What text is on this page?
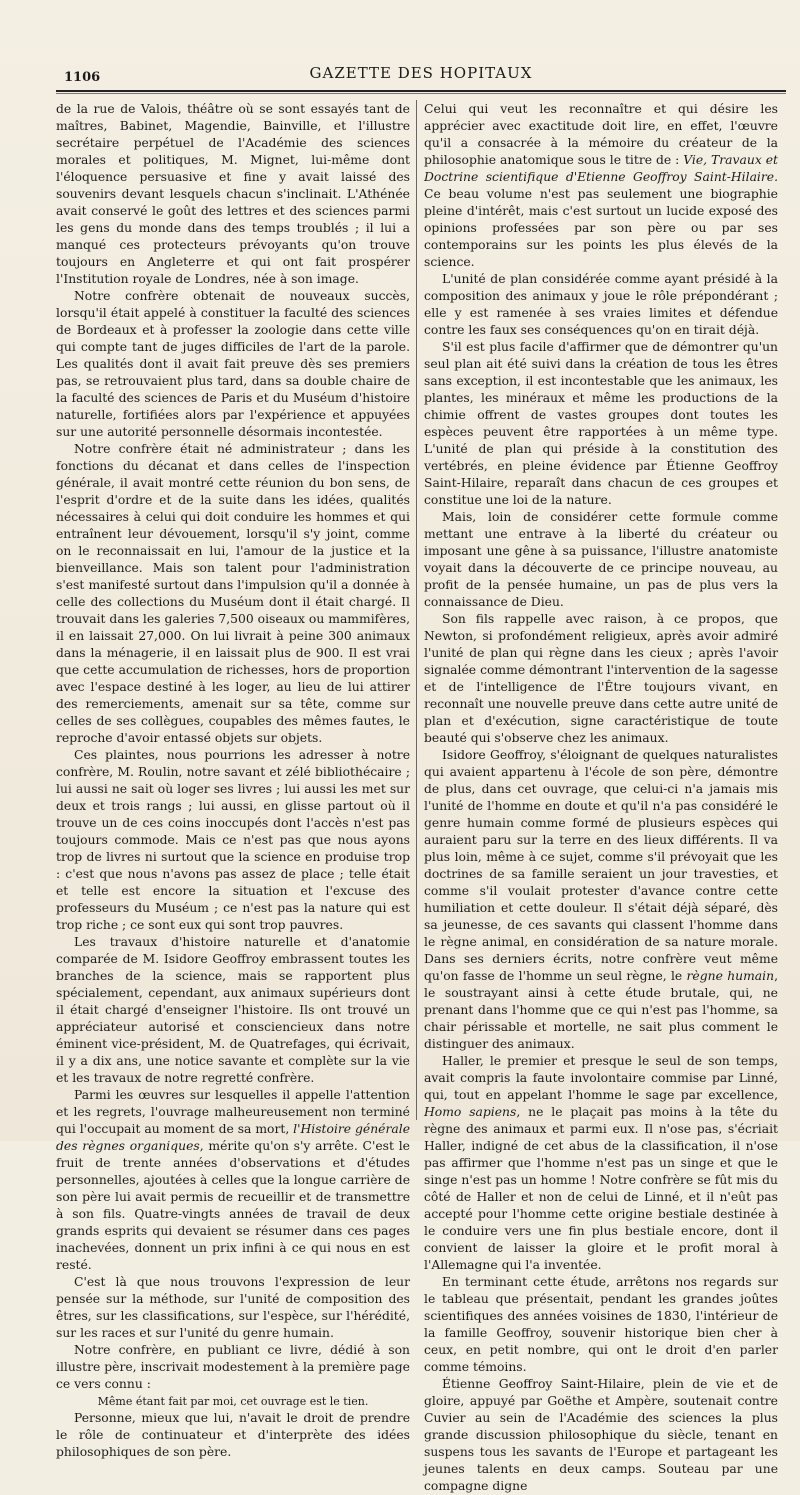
1106	GAZETTE DES HOPITAUX

de la rue de Valois, théâtre où se sont essayés tant de maîtres, Babinet, Magendie, Bainville, et l'illustre secrétaire perpétuel de l'Académie des sciences morales et politiques, M. Mignet, lui-même dont l'éloquence persuasive et fine y avait laissé des souvenirs devant lesquels chacun s'inclinait. L'Athénée avait conservé le goût des lettres et des sciences parmi les gens du monde dans des temps troublés ; il lui a manqué ces protecteurs prévoyants qu'on trouve toujours en Angleterre et qui ont fait prospérer l'Institution royale de Londres, née à son image.

Notre confrère obtenait de nouveaux succès, lorsqu'il était appelé à constituer la faculté des sciences de Bordeaux et à professer la zoologie dans cette ville qui compte tant de juges difficiles de l'art de la parole. Les qualités dont il avait fait preuve dès ses premiers pas, se retrouvaient plus tard, dans sa double chaire de la faculté des sciences de Paris et du Muséum d'histoire naturelle, fortifiées alors par l'expérience et appuyées sur une autorité personnelle désormais incontestée.

Notre confrère était né administrateur ; dans les fonctions du décanat et dans celles de l'inspection générale, il avait montré cette réunion du bon sens, de l'esprit d'ordre et de la suite dans les idées, qualités nécessaires à celui qui doit conduire les hommes et qui entraînent leur dévouement, lorsqu'il s'y joint, comme on le reconnaissait en lui, l'amour de la justice et la bienveillance. Mais son talent pour l'administration s'est manifesté surtout dans l'impulsion qu'il a donnée à celle des collections du Muséum dont il était chargé. Il trouvait dans les galeries 7,500 oiseaux ou mammifères, il en laissait 27,000. On lui livrait à peine 300 animaux dans la ménagerie, il en laissait plus de 900. Il est vrai que cette accumulation de richesses, hors de proportion avec l'espace destiné à les loger, au lieu de lui attirer des remerciements, amenait sur sa tête, comme sur celles de ses collègues, coupables des mêmes fautes, le reproche d'avoir entassé objets sur objets.

Ces plaintes, nous pourrions les adresser à notre confrère, M. Roulin, notre savant et zélé bibliothécaire ; lui aussi ne sait où loger ses livres ; lui aussi les met sur deux et trois rangs ; lui aussi, en glisse partout où il trouve un de ces coins inoccupés dont l'accès n'est pas toujours commode. Mais ce n'est pas que nous ayons trop de livres ni surtout que la science en produise trop : c'est que nous n'avons pas assez de place ; telle était et telle est encore la situation et l'excuse des professeurs du Muséum ; ce n'est pas la nature qui est trop riche ; ce sont eux qui sont trop pauvres.

Les travaux d'histoire naturelle et d'anatomie comparée de M. Isidore Geoffroy embrassent toutes les branches de la science, mais se rapportent plus spécialement, cependant, aux animaux supérieurs dont il était chargé d'enseigner l'histoire. Ils ont trouvé un appréciateur autorisé et consciencieux dans notre éminent vice-président, M. de Quatrefages, qui écrivait, il y a dix ans, une notice savante et complète sur la vie et les travaux de notre regretté confrère.

Parmi les œuvres sur lesquelles il appelle l'attention et les regrets, l'ouvrage malheureusement non terminé qui l'occupait au moment de sa mort, l'Histoire générale des règnes organiques, mérite qu'on s'y arrête. C'est le fruit de trente années d'observations et d'études personnelles, ajoutées à celles que la longue carrière de son père lui avait permis de recueillir et de transmettre à son fils. Quatre-vingts années de travail de deux grands esprits qui devaient se résumer dans ces pages inachevées, donnent un prix infini à ce qui nous en est resté.

C'est là que nous trouvons l'expression de leur pensée sur la méthode, sur l'unité de composition des êtres, sur les classifications, sur l'espèce, sur l'hérédité, sur les races et sur l'unité du genre humain.

Notre confrère, en publiant ce livre, dédié à son illustre père, inscrivait modestement à la première page ce vers connu :

Même étant fait par moi, cet ouvrage est le tien.

Personne, mieux que lui, n'avait le droit de prendre le rôle de continuateur et d'interprète des idées philosophiques de son père.

Celui qui veut les reconnaître et qui désire les apprécier avec exactitude doit lire, en effet, l'œuvre qu'il a consacrée à la mémoire du créateur de la philosophie anatomique sous le titre de : Vie, Travaux et Doctrine scientifique d'Etienne Geoffroy Saint-Hilaire. Ce beau volume n'est pas seulement une biographie pleine d'intérêt, mais c'est surtout un lucide exposé des opinions professées par son père ou par ses contemporains sur les points les plus élevés de la science.

L'unité de plan considérée comme ayant présidé à la composition des animaux y joue le rôle prépondérant ; elle y est ramenée à ses vraies limites et défendue contre les faux ses conséquences qu'on en tirait déjà.

S'il est plus facile d'affirmer que de démontrer qu'un seul plan ait été suivi dans la création de tous les êtres sans exception, il est incontestable que les animaux, les plantes, les minéraux et même les productions de la chimie offrent de vastes groupes dont toutes les espèces peuvent être rapportées à un même type. L'unité de plan qui préside à la constitution des vertébrés, en pleine évidence par Étienne Geoffroy Saint-Hilaire, reparaît dans chacun de ces groupes et constitue une loi de la nature.

Mais, loin de considérer cette formule comme mettant une entrave à la liberté du créateur ou imposant une gêne à sa puissance, l'illustre anatomiste voyait dans la découverte de ce principe nouveau, au profit de la pensée humaine, un pas de plus vers la connaissance de Dieu.

Son fils rappelle avec raison, à ce propos, que Newton, si profondément religieux, après avoir admiré l'unité de plan qui règne dans les cieux ; après l'avoir signalée comme démontrant l'intervention de la sagesse et de l'intelligence de l'Être toujours vivant, en reconnaît une nouvelle preuve dans cette autre unité de plan et d'exécution, signe caractéristique de toute beauté qui s'observe chez les animaux.

Isidore Geoffroy, s'éloignant de quelques naturalistes qui avaient appartenu à l'école de son père, démontre de plus, dans cet ouvrage, que celui-ci n'a jamais mis l'unité de l'homme en doute et qu'il n'a pas considéré le genre humain comme formé de plusieurs espèces qui auraient paru sur la terre en des lieux différents. Il va plus loin, même à ce sujet, comme s'il prévoyait que les doctrines de sa famille seraient un jour travesties, et comme s'il voulait protester d'avance contre cette humiliation et cette douleur. Il s'était déjà séparé, dès sa jeunesse, de ces savants qui classent l'homme dans le règne animal, en considération de sa nature morale. Dans ses derniers écrits, notre confrère veut même qu'on fasse de l'homme un seul règne, le règne humain, le soustrayant ainsi à cette étude brutale, qui, ne prenant dans l'homme que ce qui n'est pas l'homme, sa chair périssable et mortelle, ne sait plus comment le distinguer des animaux.

Haller, le premier et presque le seul de son temps, avait compris la faute involontaire commise par Linné, qui, tout en appelant l'homme le sage par excellence, Homo sapiens, ne le plaçait pas moins à la tête du règne des animaux et parmi eux. Il n'ose pas, s'écriait Haller, indigné de cet abus de la classification, il n'ose pas affirmer que l'homme n'est pas un singe et que le singe n'est pas un homme ! Notre confrère se fût mis du côté de Haller et non de celui de Linné, et il n'eût pas accepté pour l'homme cette origine bestiale destinée à le conduire vers une fin plus bestiale encore, dont il convient de laisser la gloire et le profit moral à l'Allemagne qui l'a inventée.

En terminant cette étude, arrêtons nos regards sur le tableau que présentait, pendant les grandes joûtes scientifiques des années voisines de 1830, l'intérieur de la famille Geoffroy, souvenir historique bien cher à ceux, en petit nombre, qui ont le droit d'en parler comme témoins.

Étienne Geoffroy Saint-Hilaire, plein de vie et de gloire, appuyé par Goëthe et Ampère, soutenait contre Cuvier au sein de l'Académie des sciences la plus grande discussion philosophique du siècle, tenant en suspens tous les savants de l'Europe et partageant les jeunes talents en deux camps. Souteau par une compagne digne
